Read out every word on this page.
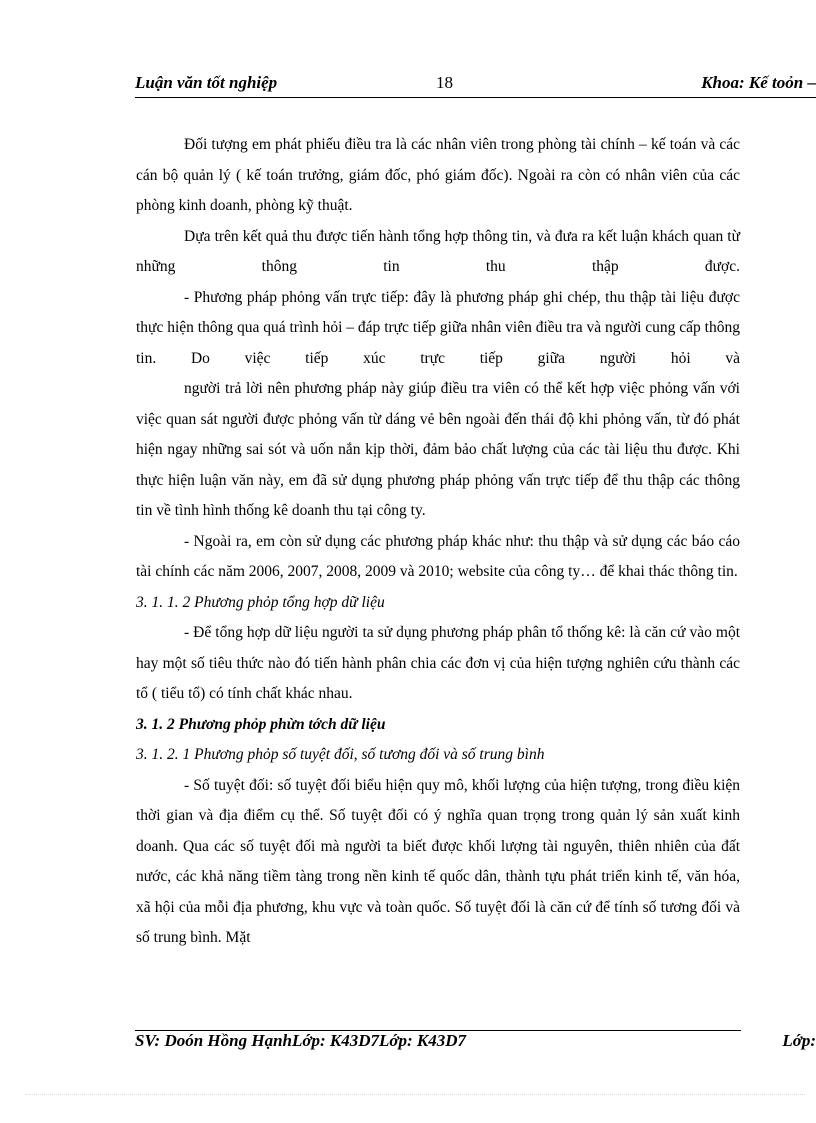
Luận văn tốt nghiệp	18	Khoa: Kế toỏn –

Đối tượng em phát phiếu điều tra là các nhân viên trong phòng tài chính – kế toán và các cán bộ quản lý ( kế toán trưởng, giám đốc, phó giám đốc). Ngoài ra còn có nhân viên của các phòng kinh doanh, phòng kỹ thuật.

Dựa trên kết quả thu được tiến hành tổng hợp thông tin, và đưa ra kết luận khách quan từ những thông tin thu thập được.

- Phương pháp phỏng vấn trực tiếp: đây là phương pháp ghi chép, thu thập tài liệu được thực hiện thông qua quá trình hỏi – đáp trực tiếp giữa nhân viên điều tra và người cung cấp thông tin. Do việc tiếp xúc trực tiếp giữa người hỏi và

người trả lời nên phương pháp này giúp điều tra viên có thể kết hợp việc phỏng vấn với việc quan sát người được phỏng vấn từ dáng vẻ bên ngoài đến thái độ khi phỏng vấn, từ đó phát hiện ngay những sai sót và uốn nắn kịp thời, đảm bảo chất lượng của các tài liệu thu được. Khi thực hiện luận văn này, em đã sử dụng phương pháp phỏng vấn trực tiếp để thu thập các thông tin về tình hình thống kê doanh thu tại công ty.

- Ngoài ra, em còn sử dụng các phương pháp khác như: thu thập và sử dụng các báo cáo tài chính các năm 2006, 2007, 2008, 2009 và 2010; website của công ty… để khai thác thông tin.

3. 1. 1. 2 Phương phỏp tổng hợp dữ liệu

- Để tổng hợp dữ liệu người ta sử dụng phương pháp phân tổ thống kê: là căn cứ vào một hay một số tiêu thức nào đó tiến hành phân chia các đơn vị của hiện tượng nghiên cứu thành các tổ ( tiểu tổ) có tính chất khác nhau.

3. 1. 2 Phương phỏp phừn tớch dữ liệu

3. 1. 2. 1 Phương phỏp số tuyệt đối, số tương đối và số trung bình

- Số tuyệt đối: số tuyệt đối biểu hiện quy mô, khối lượng của hiện tượng, trong điều kiện thời gian và địa điểm cụ thể. Số tuyệt đối có ý nghĩa quan trọng trong quản lý sản xuất kinh doanh. Qua các số tuyệt đối mà người ta biết được khối lượng tài nguyên, thiên nhiên của đất nước, các khả năng tiềm tàng trong nền kinh tế quốc dân, thành tựu phát triển kinh tế, văn hóa, xã hội của mỗi địa phương, khu vực và toàn quốc. Số tuyệt đối là căn cứ để tính số tương đối và số trung bình. Mặt

SV: Doón Hồng HạnhLớp: K43D7Lớp: K43D7	Lớp:
